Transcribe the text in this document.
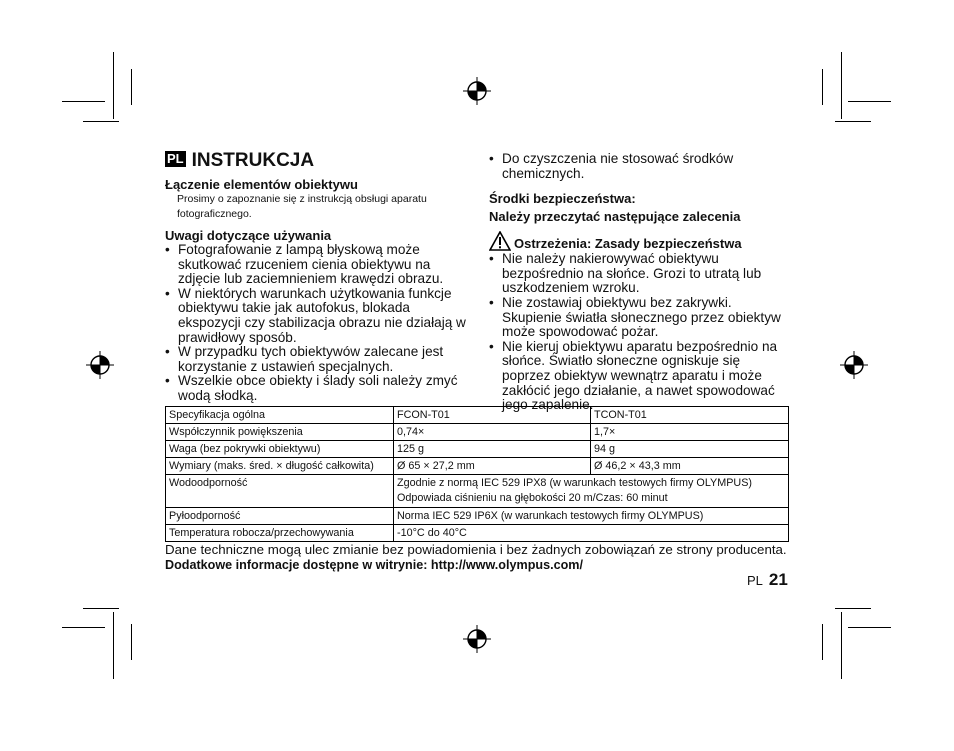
PL INSTRUKCJA
Łączenie elementów obiektywu
Prosimy o zapoznanie się z instrukcją obsługi aparatu fotograficznego.
Uwagi dotyczące używania
• Fotografowanie z lampą błyskową może skutkować rzuceniem cienia obiektywu na zdjęcie lub zaciemnieniem krawędzi obrazu.
• W niektórych warunkach użytkowania funkcje obiektywu takie jak autofokus, blokada ekspozycji czy stabilizacja obrazu nie działają w prawidłowy sposób.
• W przypadku tych obiektywów zalecane jest korzystanie z ustawień specjalnych.
• Wszelkie obce obiekty i ślady soli należy zmyć wodą słodką.
• Do czyszczenia nie stosować środków chemicznych.
Środki bezpieczeństwa:
Należy przeczytać następujące zalecenia
Ostrzeżenia: Zasady bezpieczeństwa
• Nie należy nakierowywać obiektywu bezpośrednio na słońce. Grozi to utratą lub uszkodzeniem wzroku.
• Nie zostawiaj obiektywu bez zakrywki. Skupienie światła słonecznego przez obiektyw może spowodować pożar.
• Nie kieruj obiektywu aparatu bezpośrednio na słońce. Światło słoneczne ogniskuje się poprzez obiektyw wewnątrz aparatu i może zakłócić jego działanie, a nawet spowodować jego zapalenie.
Specyfikacja ogólna	FCON-T01	TCON-T01
Współczynnik powiększenia	0,74×	1,7×
Waga (bez pokrywki obiektywu)	125 g	94 g
Wymiary (maks. śred. × długość całkowita)	Ø 65 × 27,2 mm	Ø 46,2 × 43,3 mm
Wodoodporność	Zgodnie z normą IEC 529 IPX8 (w warunkach testowych firmy OLYMPUS)
Odpowiada ciśnieniu na głębokości 20 m/Czas: 60 minut	

Pyłoodporność	Norma IEC 529 IP6X (w warunkach testowych firmy OLYMPUS)	
Temperatura robocza/przechowywania	-10°C do 40°C	
Dane techniczne mogą ulec zmianie bez powiadomienia i bez żadnych zobowiązań ze strony producenta.
Dodatkowe informacje dostępne w witrynie: http://www.olympus.com/
PL 21
